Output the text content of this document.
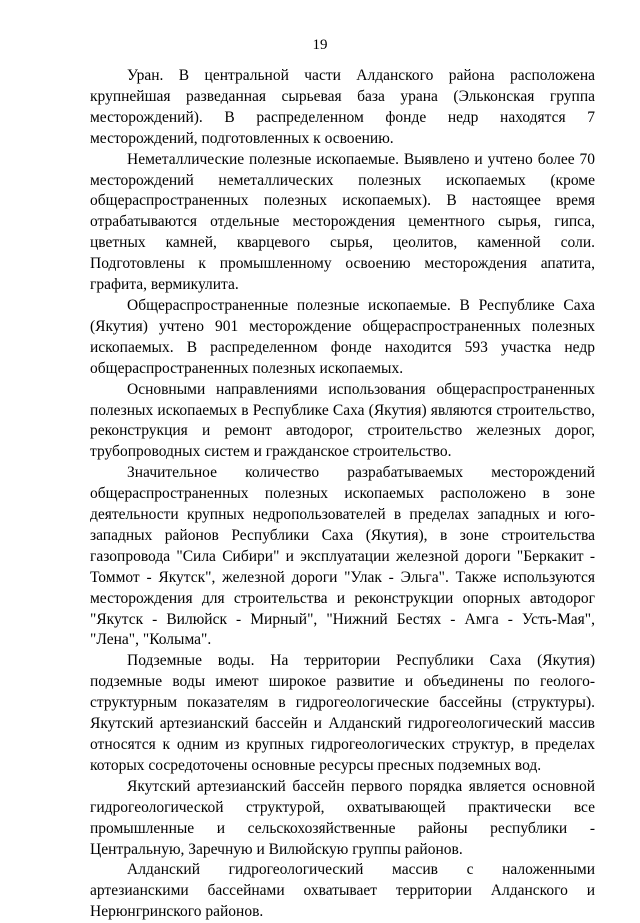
19

Уран. В центральной части Алданского района расположена крупнейшая разведанная сырьевая база урана (Эльконская группа месторождений). В распределенном фонде недр находятся 7 месторождений, подготовленных к освоению.

Неметаллические полезные ископаемые. Выявлено и учтено более 70 месторождений неметаллических полезных ископаемых (кроме общераспространенных полезных ископаемых). В настоящее время отрабатываются отдельные месторождения цементного сырья, гипса, цветных камней, кварцевого сырья, цеолитов, каменной соли. Подготовлены к промышленному освоению месторождения апатита, графита, вермикулита.

Общераспространенные полезные ископаемые. В Республике Саха (Якутия) учтено 901 месторождение общераспространенных полезных ископаемых. В распределенном фонде находится 593 участка недр общераспространенных полезных ископаемых.

Основными направлениями использования общераспространенных полезных ископаемых в Республике Саха (Якутия) являются строительство, реконструкция и ремонт автодорог, строительство железных дорог, трубопроводных систем и гражданское строительство.

Значительное количество разрабатываемых месторождений общераспространенных полезных ископаемых расположено в зоне деятельности крупных недропользователей в пределах западных и юго-западных районов Республики Саха (Якутия), в зоне строительства газопровода "Сила Сибири" и эксплуатации железной дороги "Беркакит - Томмот - Якутск", железной дороги "Улак - Эльга". Также используются месторождения для строительства и реконструкции опорных автодорог "Якутск - Вилюйск - Мирный", "Нижний Бестях - Амга - Усть-Мая", "Лена", "Колыма".

Подземные воды. На территории Республики Саха (Якутия) подземные воды имеют широкое развитие и объединены по геолого-структурным показателям в гидрогеологические бассейны (структуры). Якутский артезианский бассейн и Алданский гидрогеологический массив относятся к одним из крупных гидрогеологических структур, в пределах которых сосредоточены основные ресурсы пресных подземных вод.

Якутский артезианский бассейн первого порядка является основной гидрогеологической структурой, охватывающей практически все промышленные и сельскохозяйственные районы республики - Центральную, Заречную и Вилюйскую группы районов.

Алданский гидрогеологический массив с наложенными артезианскими бассейнами охватывает территории Алданского и Нерюнгринского районов.
